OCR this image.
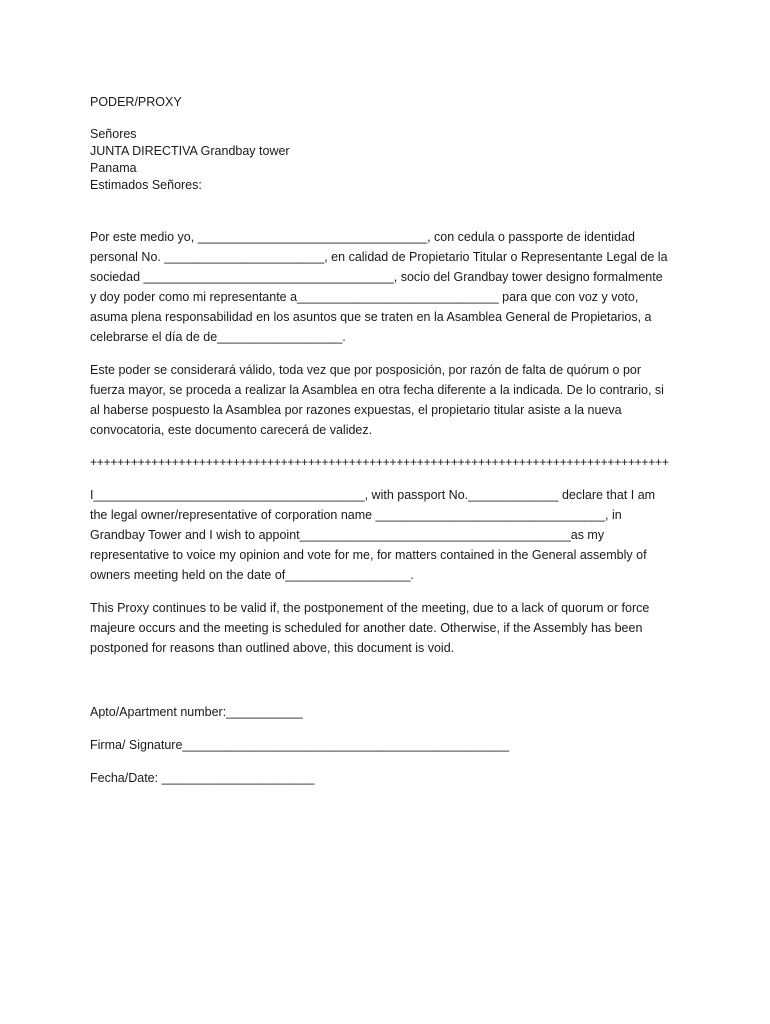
PODER/PROXY
Señores
JUNTA DIRECTIVA Grandbay tower
Panama
Estimados Señores:
Por este medio yo, _________________________________, con cedula o passporte de identidad
personal No. _______________________, en calidad de Propietario Titular o Representante Legal de la
sociedad ____________________________________, socio del Grandbay tower designo formalmente
y doy poder como mi representante a_____________________________ para que con voz y voto,
asuma plena responsabilidad en los asuntos que se traten en la Asamblea General de Propietarios, a
celebrarse el día de de__________________.
Este poder se considerará válido, toda vez que por posposición, por razón de falta de quórum o por
fuerza mayor, se proceda a realizar la Asamblea en otra fecha diferente a la indicada. De lo contrario, si
al haberse pospuesto la Asamblea por razones expuestas, el propietario titular asiste a la nueva
convocatoria, este documento carecerá de validez.
+++++++++++++++++++++++++++++++++++++++++++++++++++++++++++++++++++++++++++++++++++++
I_______________________________________, with passport No._____________ declare that I am
the legal owner/representative of corporation name _________________________________, in
Grandbay Tower and I wish to appoint_______________________________________as my
representative to voice my opinion and vote for me, for matters contained in the General assembly of
owners meeting held on the date of__________________.
This Proxy continues to be valid if, the postponement of the meeting, due to a lack of quorum or force
majeure occurs and the meeting is scheduled for another date. Otherwise, if the Assembly has been
postponed for reasons than outlined above, this document is void.
Apto/Apartment number:___________
Firma/ Signature_______________________________________________
Fecha/Date: ______________________
